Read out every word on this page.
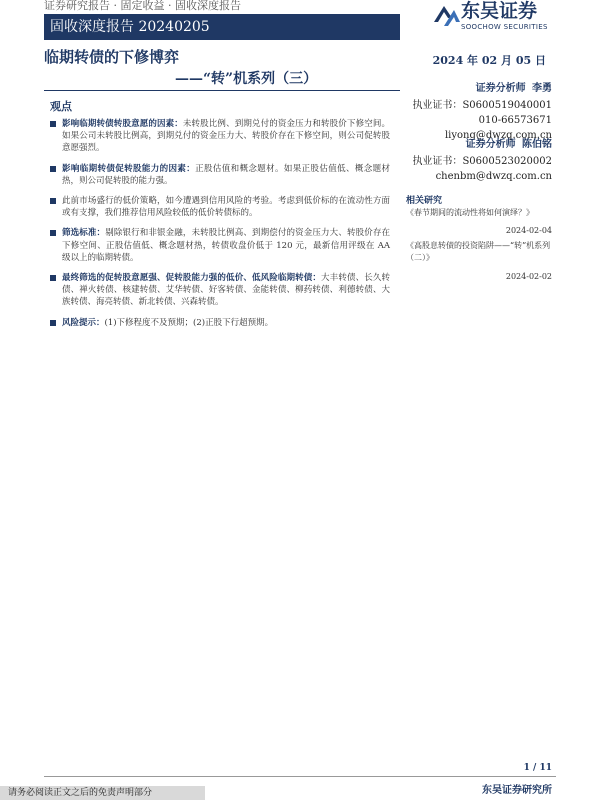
证券研究报告 · 固定收益 · 固收深度报告
固收深度报告 20240205
东吴证券
SOOCHOW SECURITIES
临期转债的下修博弈
——“转”机系列（三）
2024 年 02 月 05 日
观点
证券分析师 李勇
执业证书：S0600519040001
010-66573671
liyong@dwzq.com.cn
证券分析师 陈伯铭
执业证书：S0600523020002
chenbm@dwzq.com.cn
影响临期转债转股意愿的因素：未转股比例、到期兑付的资金压力和转股价下修空间。如果公司未转股比例高，到期兑付的资金压力大、转股价存在下修空间，则公司促转股意愿强烈。
影响临期转债促转股能力的因素：正股估值和概念题材。如果正股估值低、概念题材热，则公司促转股的能力强。
此前市场盛行的低价策略，如今遭遇到信用风险的考验。考虑到低价标的在流动性方面或有支撑，我们推荐信用风险较低的低价转债标的。
筛选标准：剔除银行和非银金融，未转股比例高、到期偿付的资金压力大、转股价存在下修空间、正股估值低、概念题材热，转债收盘价低于 120 元，最新信用评级在 AA 级以上的临期转债。
最终筛选的促转股意愿强、促转股能力强的低价、低风险临期转债：大丰转债、长久转债、禅火转债、核建转债、艾华转债、好客转债、金能转债、柳药转债、利德转债、大族转债、海亮转债、新北转债、兴森转债。
风险提示：(1)下修程度不及预期；(2)正股下行超预期。
相关研究
《春节期间的流动性将如何演绎？》
2024-02-04
《高股息转债的投资陷阱——“转”机系列（二）》
2024-02-02
1 / 11
请务必阅读正文之后的免责声明部分	东吴证券研究所
